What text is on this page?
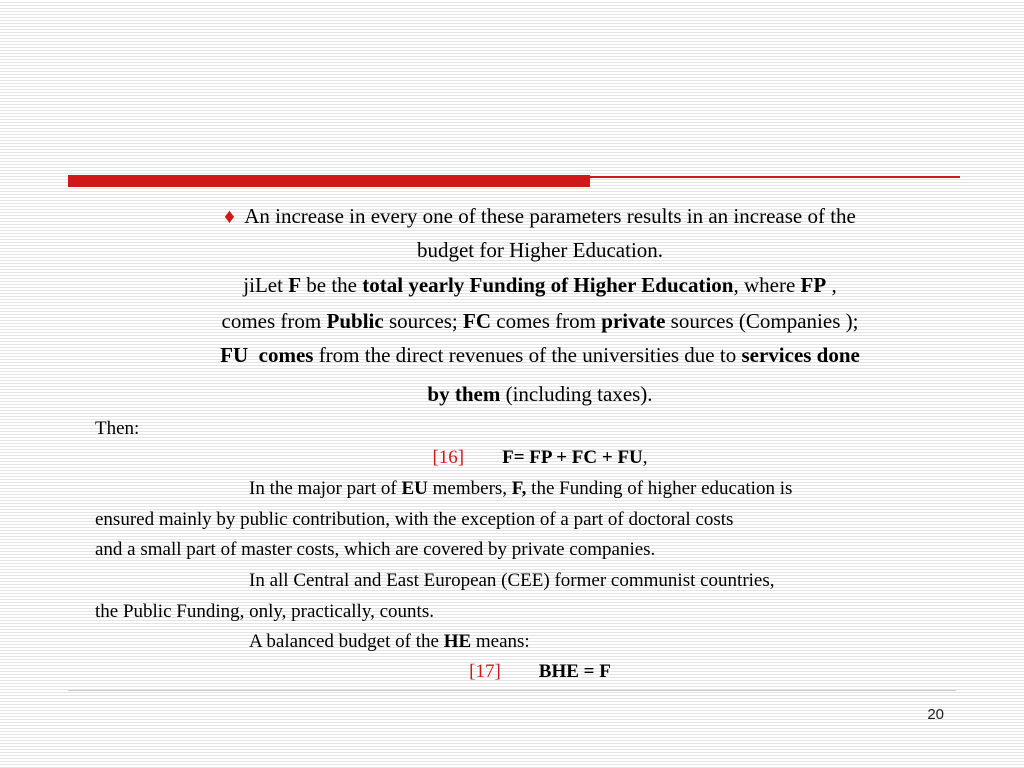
♦ An increase in every one of these parameters results in an increase of the
budget for Higher Education.
jiLet F be the total yearly Funding of Higher Education, where FP ,
comes from Public sources; FC comes from private sources (Companies );
FU comes from the direct revenues of the universities due to services done
by them (including taxes).
Then:
[16] F= FP + FC + FU,
In the major part of EU members, F, the Funding of higher education is
ensured mainly by public contribution, with the exception of a part of doctoral costs
and a small part of master costs, which are covered by private companies.
In all Central and East European (CEE) former communist countries,
the Public Funding, only, practically, counts.
A balanced budget of the HE means:
[17] BHE = F
20
